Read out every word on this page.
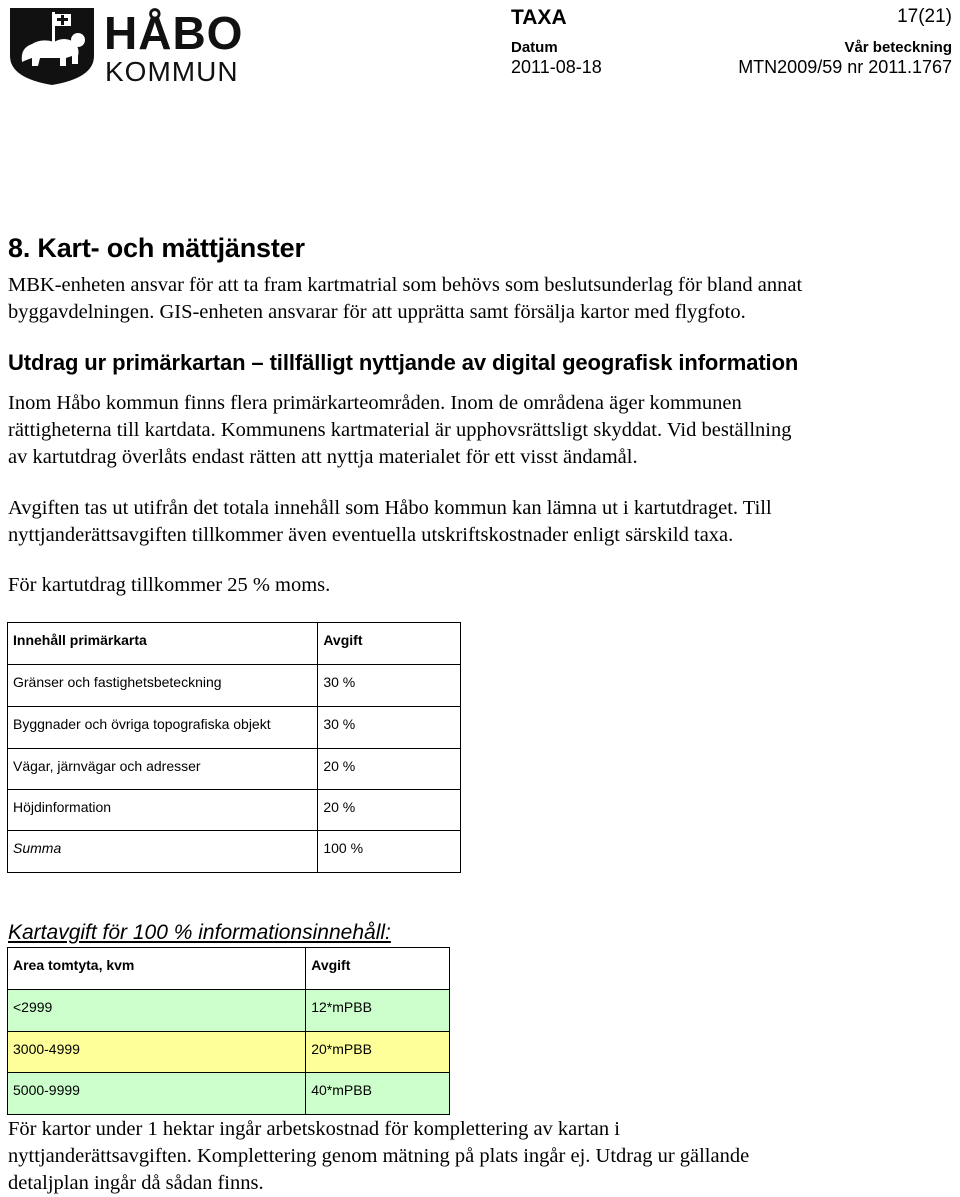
HÅBO
KOMMUN
TAXA	17(21)
Datum
2011-08-18
Vår beteckning
MTN2009/59 nr 2011.1767
8. Kart- och mättjänster

MBK-enheten ansvar för att ta fram kartmatrial som behövs som beslutsunderlag för bland annat

byggavdelningen. GIS-enheten ansvarar för att upprätta samt försälja kartor med flygfoto.

Utdrag ur primärkartan – tillfälligt nyttjande av digital geografisk information

Inom Håbo kommun finns flera primärkarteområden. Inom de områdena äger kommunen

rättigheterna till kartdata. Kommunens kartmaterial är upphovsrättsligt skyddat. Vid beställning

av kartutdrag överlåts endast rätten att nyttja materialet för ett visst ändamål.

Avgiften tas ut utifrån det totala innehåll som Håbo kommun kan lämna ut i kartutdraget. Till

nyttjanderättsavgiften tillkommer även eventuella utskriftskostnader enligt särskild taxa.

För kartutdrag tillkommer 25 % moms.

Innehåll primärkarta	Avgift
Gränser och fastighetsbeteckning	30 %
Byggnader och övriga topografiska objekt	30 %
Vägar, järnvägar och adresser	20 %
Höjdinformation	20 %
Summa	100 %
Kartavgift för 100 % informationsinnehåll:
Area tomtyta, kvm	Avgift
<2999	12*mPBB
3000-4999	20*mPBB
5000-9999	40*mPBB

För kartor under 1 hektar ingår arbetskostnad för komplettering av kartan i

nyttjanderättsavgiften. Komplettering genom mätning på plats ingår ej. Utdrag ur gällande

detaljplan ingår då sådan finns.
